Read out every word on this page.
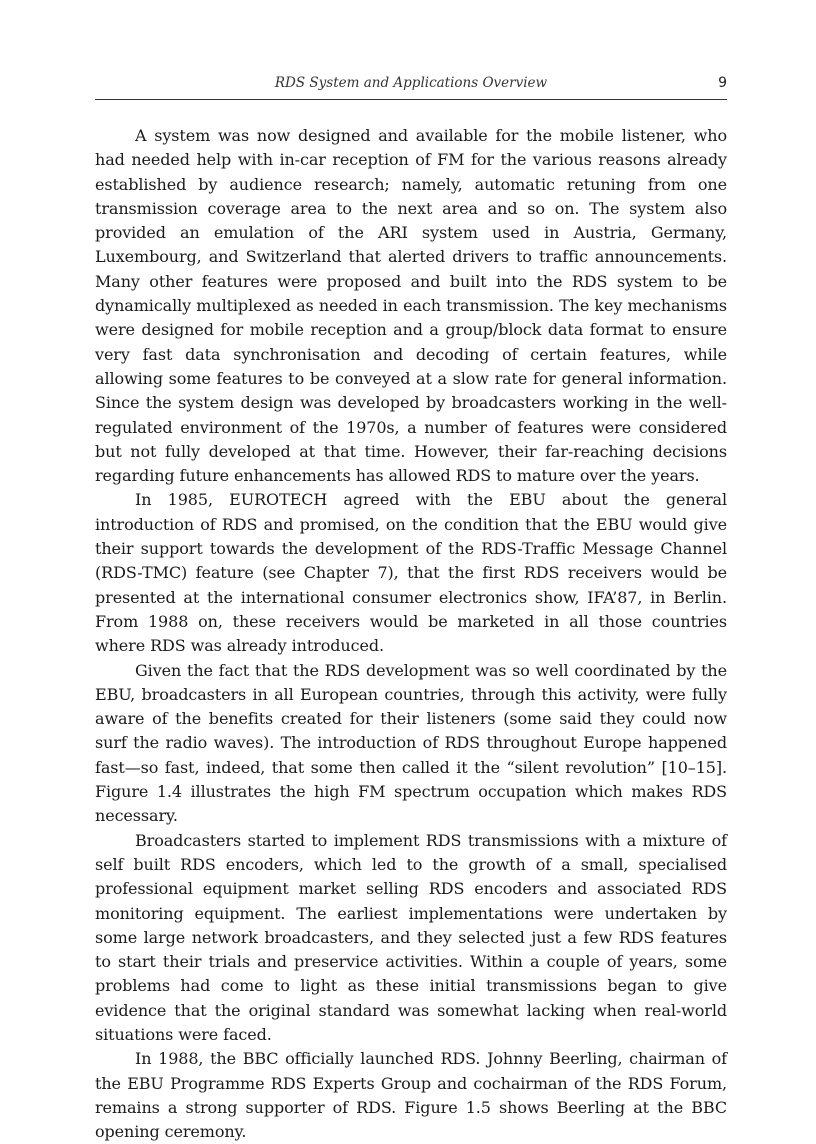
RDS System and Applications Overview	9

A system was now designed and available for the mobile listener, who had needed help with in-car reception of FM for the various reasons already established by audience research; namely, automatic retuning from one transmission coverage area to the next area and so on. The system also provided an emulation of the ARI system used in Austria, Germany, Luxembourg, and Switzerland that alerted drivers to traffic announcements. Many other features were proposed and built into the RDS system to be dynamically multiplexed as needed in each transmission. The key mechanisms were designed for mobile reception and a group/block data format to ensure very fast data synchronisation and decoding of certain features, while allowing some features to be conveyed at a slow rate for general information. Since the system design was developed by broadcasters working in the well-regulated environment of the 1970s, a number of features were considered but not fully developed at that time. However, their far-reaching decisions regarding future enhancements has allowed RDS to mature over the years.

In 1985, EUROTECH agreed with the EBU about the general introduction of RDS and promised, on the condition that the EBU would give their support towards the development of the RDS-Traffic Message Channel (RDS-TMC) feature (see Chapter 7), that the first RDS receivers would be presented at the international consumer electronics show, IFA’87, in Berlin. From 1988 on, these receivers would be marketed in all those countries where RDS was already introduced.

Given the fact that the RDS development was so well coordinated by the EBU, broadcasters in all European countries, through this activity, were fully aware of the benefits created for their listeners (some said they could now surf the radio waves). The introduction of RDS throughout Europe happened fast—so fast, indeed, that some then called it the “silent revolution” [10–15]. Figure 1.4 illustrates the high FM spectrum occupation which makes RDS necessary.

Broadcasters started to implement RDS transmissions with a mixture of self built RDS encoders, which led to the growth of a small, specialised professional equipment market selling RDS encoders and associated RDS monitoring equipment. The earliest implementations were undertaken by some large network broadcasters, and they selected just a few RDS features to start their trials and preservice activities. Within a couple of years, some problems had come to light as these initial transmissions began to give evidence that the original standard was somewhat lacking when real-world situations were faced.

In 1988, the BBC officially launched RDS. Johnny Beerling, chairman of the EBU Programme RDS Experts Group and cochairman of the RDS Forum, remains a strong supporter of RDS. Figure 1.5 shows Beerling at the BBC opening ceremony.
